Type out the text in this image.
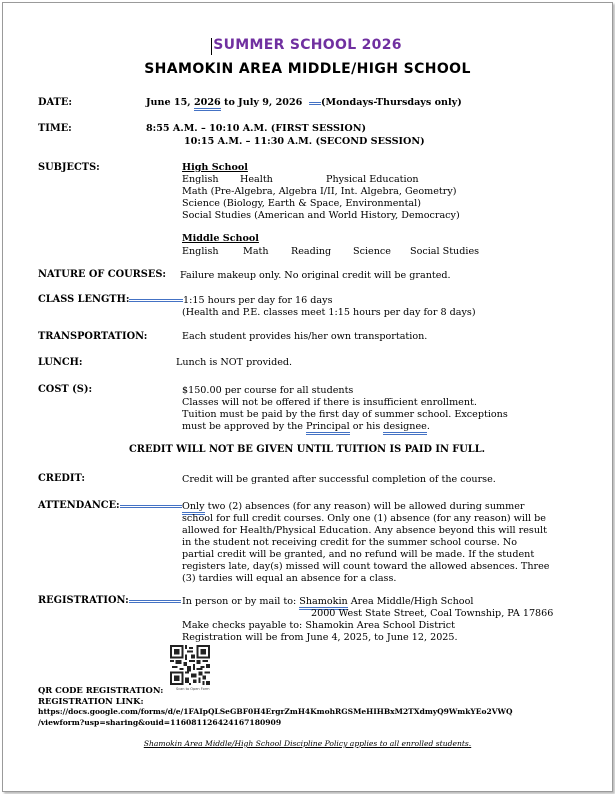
SUMMER SCHOOL 2026
SHAMOKIN AREA MIDDLE/HIGH SCHOOL
DATE:	June 15, 2026 to July 9, 2026 (Mondays-Thursdays only)
TIME:	8:55 A.M. – 10:10 A.M. (FIRST SESSION)
10:15 A.M. – 11:30 A.M. (SECOND SESSION)
SUBJECTS:	High School
English Health	Physical Education
Math (Pre-Algebra, Algebra I/II, Int. Algebra, Geometry)
Science (Biology, Earth & Space, Environmental)
Social Studies (American and World History, Democracy)
Middle School
English	Math Reading Science Social Studies
NATURE OF COURSES: Failure makeup only. No original credit will be granted.
CLASS LENGTH:	1:15 hours per day for 16 days
(Health and P.E. classes meet 1:15 hours per day for 8 days)
TRANSPORTATION:	Each student provides his/her own transportation.
LUNCH:	Lunch is NOT provided.
COST (S):	$150.00 per course for all students
Classes will not be offered if there is insufficient enrollment.
Tuition must be paid by the first day of summer school. Exceptions
must be approved by the Principal or his designee.
CREDIT WILL NOT BE GIVEN UNTIL TUITION IS PAID IN FULL.
CREDIT:	Credit will be granted after successful completion of the course.
ATTENDANCE:	Only two (2) absences (for any reason) will be allowed during summer
school for full credit courses. Only one (1) absence (for any reason) will be
allowed for Health/Physical Education. Any absence beyond this will result
in the student not receiving credit for the summer school course. No
partial credit will be granted, and no refund will be made. If the student
registers late, day(s) missed will count toward the allowed absences. Three
(3) tardies will equal an absence for a class.
REGISTRATION:	In person or by mail to: Shamokin Area Middle/High School
2000 West State Street, Coal Township, PA 17866
Make checks payable to: Shamokin Area School District
Registration will be from June 4, 2025, to June 12, 2025.
Scan to Open Form
QR CODE REGISTRATION:
REGISTRATION LINK:
https://docs.google.com/forms/d/e/1FAIpQLSeGBF0H4ErgrZmH4KmohRGSMeHIHBxM2TXdmyQ9WmkYEo2VWQ
/viewform?usp=sharing&ouid=116081126424167180909
Shamokin Area Middle/High School Discipline Policy applies to all enrolled students.
